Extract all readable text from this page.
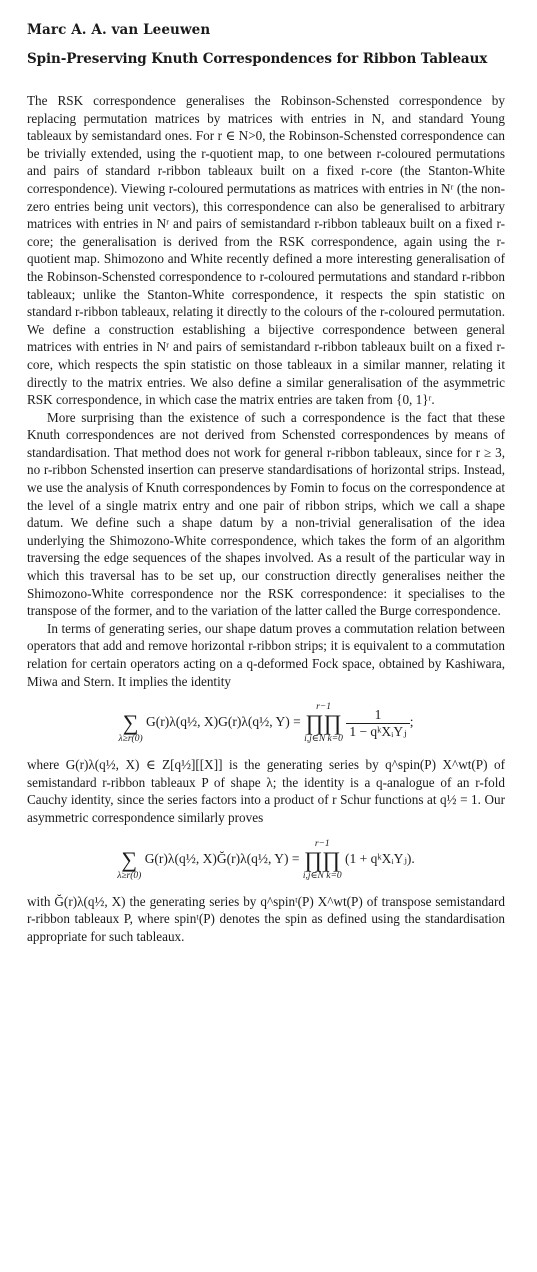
Marc A. A. van Leeuwen
Spin-Preserving Knuth Correspondences for Ribbon Tableaux

The RSK correspondence generalises the Robinson-Schensted correspondence by replacing permutation matrices by matrices with entries in N, and standard Young tableaux by semistandard ones. For r ∈ N>0, the Robinson-Schensted correspondence can be trivially extended, using the r-quotient map, to one between r-coloured permutations and pairs of standard r-ribbon tableaux built on a fixed r-core (the Stanton-White correspondence). Viewing r-coloured permutations as matrices with entries in Nʳ (the non-zero entries being unit vectors), this correspondence can also be generalised to arbitrary matrices with entries in Nʳ and pairs of semistandard r-ribbon tableaux built on a fixed r-core; the generalisation is derived from the RSK correspondence, again using the r-quotient map. Shimozono and White recently defined a more interesting generalisation of the Robinson-Schensted correspondence to r-coloured permutations and standard r-ribbon tableaux; unlike the Stanton-White correspondence, it respects the spin statistic on standard r-ribbon tableaux, relating it directly to the colours of the r-coloured permutation. We define a construction establishing a bijective correspondence between general matrices with entries in Nʳ and pairs of semistandard r-ribbon tableaux built on a fixed r-core, which respects the spin statistic on those tableaux in a similar manner, relating it directly to the matrix entries. We also define a similar generalisation of the asymmetric RSK correspondence, in which case the matrix entries are taken from {0, 1}ʳ.

More surprising than the existence of such a correspondence is the fact that these Knuth correspondences are not derived from Schensted correspondences by means of standardisation. That method does not work for general r-ribbon tableaux, since for r ≥ 3, no r-ribbon Schensted insertion can preserve standardisations of horizontal strips. Instead, we use the analysis of Knuth correspondences by Fomin to focus on the correspondence at the level of a single matrix entry and one pair of ribbon strips, which we call a shape datum. We define such a shape datum by a non-trivial generalisation of the idea underlying the Shimozono-White correspondence, which takes the form of an algorithm traversing the edge sequences of the shapes involved. As a result of the particular way in which this traversal has to be set up, our construction directly generalises neither the Shimozono-White correspondence nor the RSK correspondence: it specialises to the transpose of the former, and to the variation of the latter called the Burge correspondence.

In terms of generating series, our shape datum proves a commutation relation between operators that add and remove horizontal r-ribbon strips; it is equivalent to a commutation relation for certain operators acting on a q-deformed Fock space, obtained by Kashiwara, Miwa and Stern. It implies the identity

∑
λ≥r(0)
G(r)λ(q½, X)G(r)λ(q½, Y) =
r−1
∏∏
i,j∈N k=0
$\frac{1}{\text{1 − qᵏXᵢYⱼ}}$ ;

where G(r)λ(q½, X) ∈ Z[q½][[X]] is the generating series by q^spin(P) X^wt(P) of semistandard r-ribbon tableaux P of shape λ; the identity is a q-analogue of an r-fold Cauchy identity, since the series factors into a product of r Schur functions at q½ = 1. Our asymmetric correspondence similarly proves

∑
λ≥r(0)
G(r)λ(q½, X)Ğ(r)λ(q½, Y) =
r−1
∏∏
i,j∈N k=0
(1 + qᵏXᵢYⱼ).

with Ğ(r)λ(q½, X) the generating series by q^spinᵗ(P) X^wt(P) of transpose semistandard r-ribbon tableaux P, where spinᵗ(P) denotes the spin as defined using the standardisation appropriate for such tableaux.
